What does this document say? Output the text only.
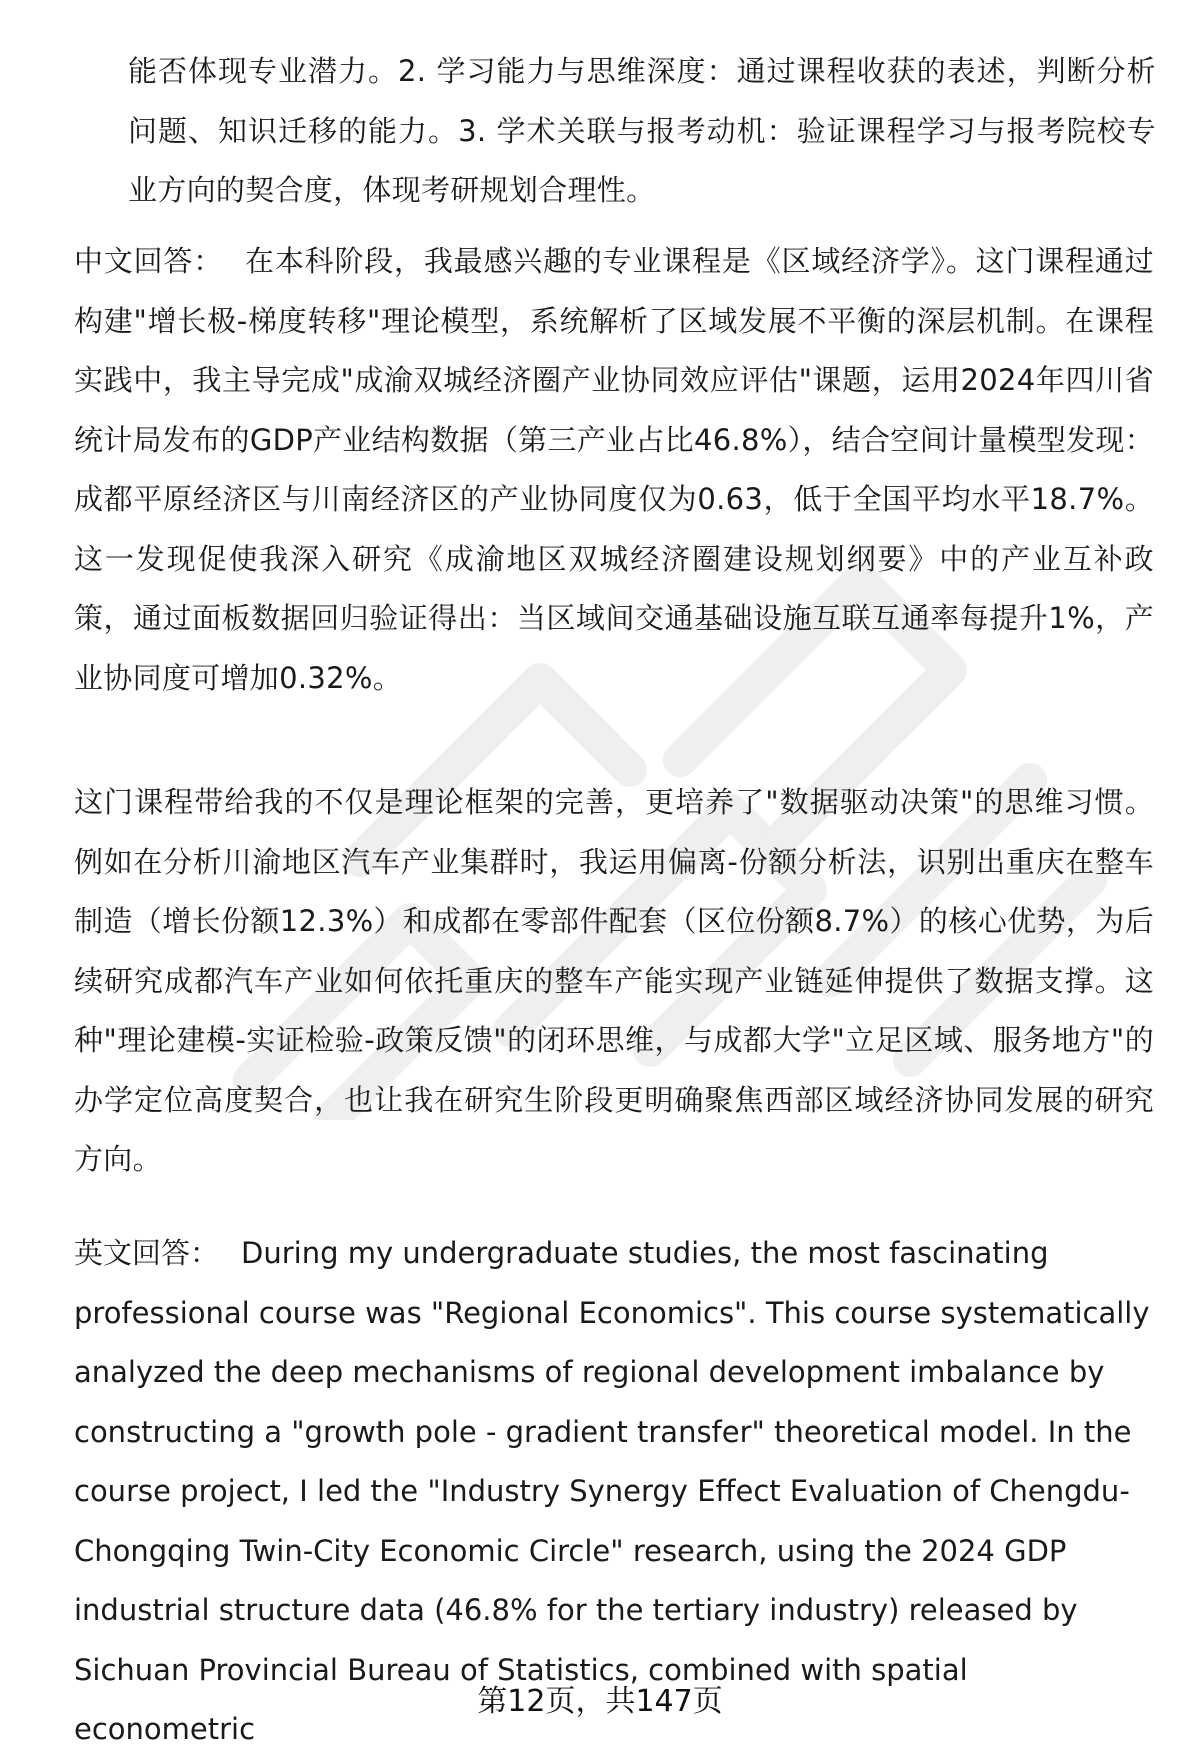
能否体现专业潜力。2. 学习能力与思维深度：通过课程收获的表述，判断分析问题、知识迁移的能力。3. 学术关联与报考动机：验证课程学习与报考院校专业方向的契合度，体现考研规划合理性。

中文回答： 在本科阶段，我最感兴趣的专业课程是《区域经济学》。这门课程通过构建"增长极-梯度转移"理论模型，系统解析了区域发展不平衡的深层机制。在课程实践中，我主导完成"成渝双城经济圈产业协同效应评估"课题，运用2024年四川省统计局发布的GDP产业结构数据（第三产业占比46.8%），结合空间计量模型发现：成都平原经济区与川南经济区的产业协同度仅为0.63，低于全国平均水平18.7%。这一发现促使我深入研究《成渝地区双城经济圈建设规划纲要》中的产业互补政策，通过面板数据回归验证得出：当区域间交通基础设施互联互通率每提升1%，产业协同度可增加0.32%。

这门课程带给我的不仅是理论框架的完善，更培养了"数据驱动决策"的思维习惯。例如在分析川渝地区汽车产业集群时，我运用偏离-份额分析法，识别出重庆在整车制造（增长份额12.3%）和成都在零部件配套（区位份额8.7%）的核心优势，为后续研究成都汽车产业如何依托重庆的整车产能实现产业链延伸提供了数据支撑。这种"理论建模-实证检验-政策反馈"的闭环思维，与成都大学"立足区域、服务地方"的办学定位高度契合，也让我在研究生阶段更明确聚焦西部区域经济协同发展的研究方向。

英文回答： During my undergraduate studies, the most fascinating professional course was "Regional Economics". This course systematically analyzed the deep mechanisms of regional development imbalance by constructing a "growth pole - gradient transfer" theoretical model. In the course project, I led the "Industry Synergy Effect Evaluation of Chengdu-Chongqing Twin-City Economic Circle" research, using the 2024 GDP industrial structure data (46.8% for the tertiary industry) released by Sichuan Provincial Bureau of Statistics, combined with spatial econometric

第12页，共147页
